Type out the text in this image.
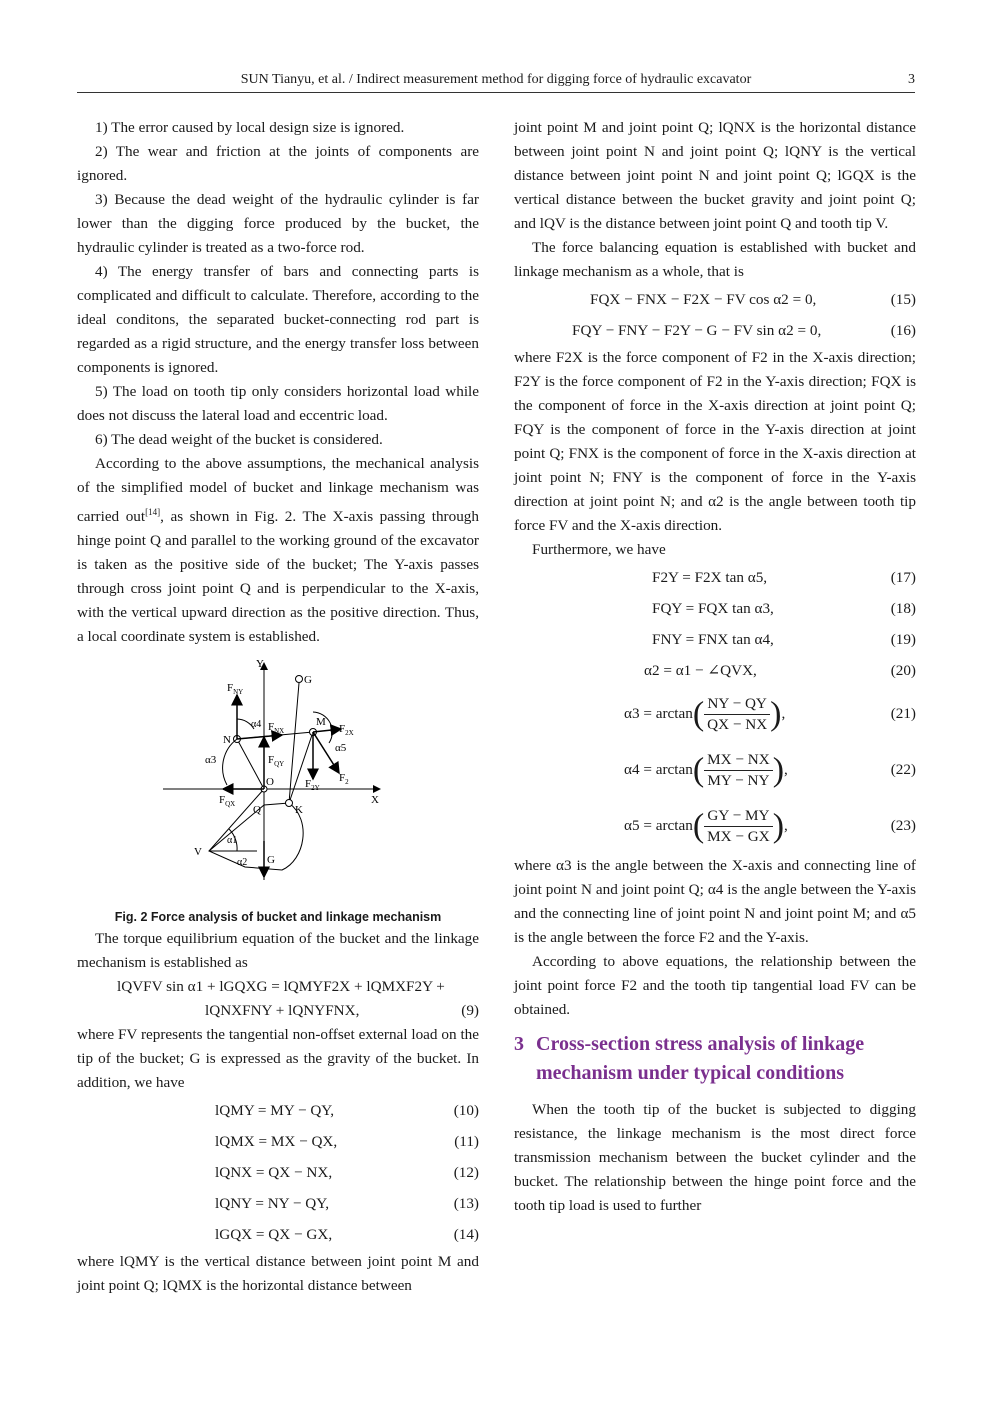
SUN Tianyu, et al. / Indirect measurement method for digging force of hydraulic excavator	3

1) The error caused by local design size is ignored.

2) The wear and friction at the joints of components are ignored.

3) Because the dead weight of the hydraulic cylinder is far lower than the digging force produced by the bucket, the hydraulic cylinder is treated as a two-force rod.

4) The energy transfer of bars and connecting parts is complicated and difficult to calculate. Therefore, according to the ideal conditons, the separated bucket-connecting rod part is regarded as a rigid structure, and the energy transfer loss between components is ignored.

5) The load on tooth tip only considers horizontal load while does not discuss the lateral load and eccentric load.

6) The dead weight of the bucket is considered.

According to the above assumptions, the mechanical analysis of the simplified model of bucket and linkage mechanism was carried out[14], as shown in Fig. 2. The X-axis passing through hinge point Q and parallel to the working ground of the excavator is taken as the positive side of the bucket; The Y-axis passes through cross joint point Q and is perpendicular to the X-axis, with the vertical upward direction as the positive direction. Thus, a local coordinate system is established.

Y
X
G
$F_{NY}$
$F_{NX}$
M
$F_{2X}$
α5
α4
N
α3	$F_{QY}$
$F_2$
$F_{2Y}$
O
$F_{QX}$ Q	K
V
α1
α2 G

Fig. 2 Force analysis of bucket and linkage mechanism

The torque equilibrium equation of the bucket and the linkage mechanism is established as

lQVFV sin α1 + lGQXG = lQMYF2X + lQMXF2Y +
lQNXFNY + lQNYFNX,	(9)

where FV represents the tangential non-offset external load on the tip of the bucket; G is expressed as the gravity of the bucket. In addition, we have

lQMY = MY − QY,	(10)
lQMX = MX − QX,	(11)
lQNX = QX − NX,	(12)
lQNY = NY − QY,	(13)
lGQX = QX − GX,	(14)

where lQMY is the vertical distance between joint point M and joint point Q; lQMX is the horizontal distance between

joint point M and joint point Q; lQNX is the horizontal distance between joint point N and joint point Q; lQNY is the vertical distance between joint point N and joint point Q; lGQX is the vertical distance between the bucket gravity and joint point Q; and lQV is the distance between joint point Q and tooth tip V.

The force balancing equation is established with bucket and linkage mechanism as a whole, that is

FQX − FNX − F2X − FV cos α2 = 0,	(15)
FQY − FNY − F2Y − G − FV sin α2 = 0,	(16)

where F2X is the force component of F2 in the X-axis direction; F2Y is the force component of F2 in the Y-axis direction; FQX is the component of force in the X-axis direction at joint point Q; FQY is the component of force in the Y-axis direction at joint point Q; FNX is the component of force in the X-axis direction at joint point N; FNY is the component of force in the Y-axis direction at joint point N; and α2 is the angle between tooth tip force FV and the X-axis direction.

Furthermore, we have

F2Y = F2X tan α5,	(17)
FQY = FQX tan α3,	(18)
FNY = FNX tan α4,	(19)
α2 = α1 − ∠QVX,	(20)
$\alpha 3 = \arctan( \frac{NY - QY}{QX - NX}$ ),	(21)
$\alpha 4 = \arctan( \frac{MX - NX}{MY - NY}$ ),	(22)
$\alpha 5 = \arctan( \frac{GY - MY}{MX - GX}$ ),	(23)

where α3 is the angle between the X-axis and connecting line of joint point N and joint point Q; α4 is the angle between the Y-axis and the connecting line of joint point N and joint point M; and α5 is the angle between the force F2 and the Y-axis.

According to above equations, the relationship between the joint point force F2 and the tooth tip tangential load FV can be obtained.

3 Cross-section stress analysis of linkage
mechanism under typical conditions

When the tooth tip of the bucket is subjected to digging resistance, the linkage mechanism is the most direct force transmission mechanism between the bucket cylinder and the bucket. The relationship between the hinge point force and the tooth tip load is used to further
